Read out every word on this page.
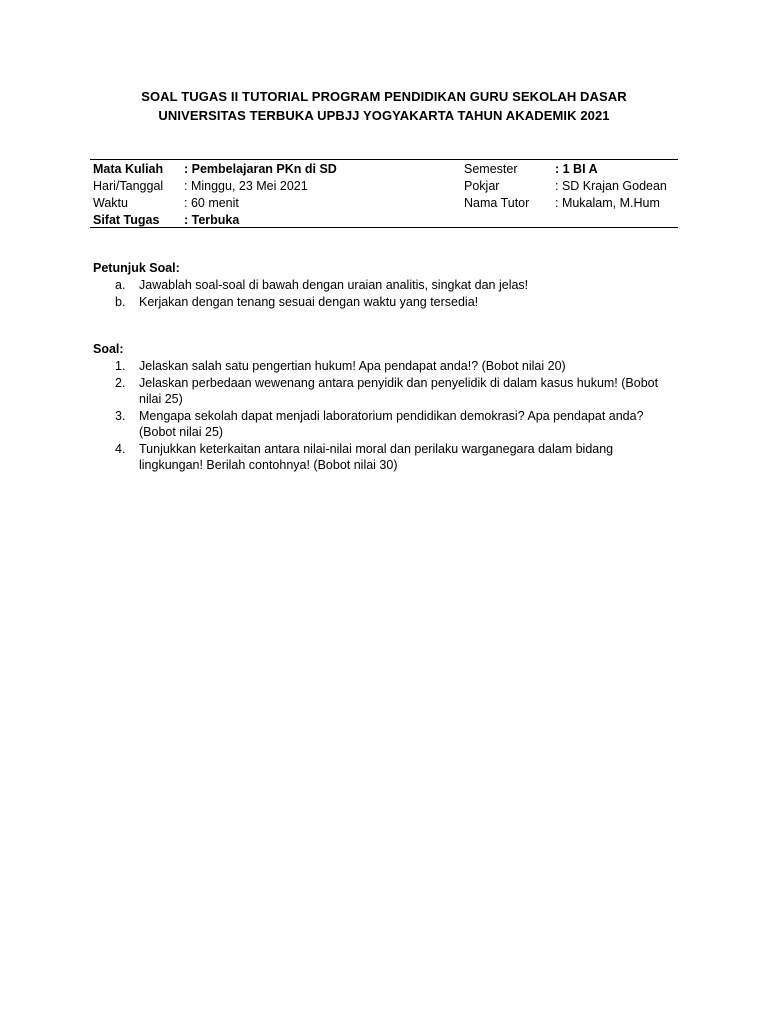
SOAL TUGAS II TUTORIAL PROGRAM PENDIDIKAN GURU SEKOLAH DASAR
UNIVERSITAS TERBUKA UPBJJ YOGYAKARTA TAHUN AKADEMIK 2021
Mata Kuliah : Pembelajaran PKn di SD	Semester	: 1 BI A
Hari/Tanggal : Minggu, 23 Mei 2021	Pokjar	: SD Krajan Godean
Waktu	: 60 menit	Nama Tutor : Mukalam, M.Hum
Sifat Tugas : Terbuka
Petunjuk Soal:
a. Jawablah soal-soal di bawah dengan uraian analitis, singkat dan jelas!
b. Kerjakan dengan tenang sesuai dengan waktu yang tersedia!
Soal:
1. Jelaskan salah satu pengertian hukum! Apa pendapat anda!? (Bobot nilai 20)
2. Jelaskan perbedaan wewenang antara penyidik dan penyelidik di dalam kasus hukum! (Bobot nilai 25)
3. Mengapa sekolah dapat menjadi laboratorium pendidikan demokrasi? Apa pendapat anda? (Bobot nilai 25)
4. Tunjukkan keterkaitan antara nilai-nilai moral dan perilaku warganegara dalam bidang lingkungan! Berilah contohnya! (Bobot nilai 30)
